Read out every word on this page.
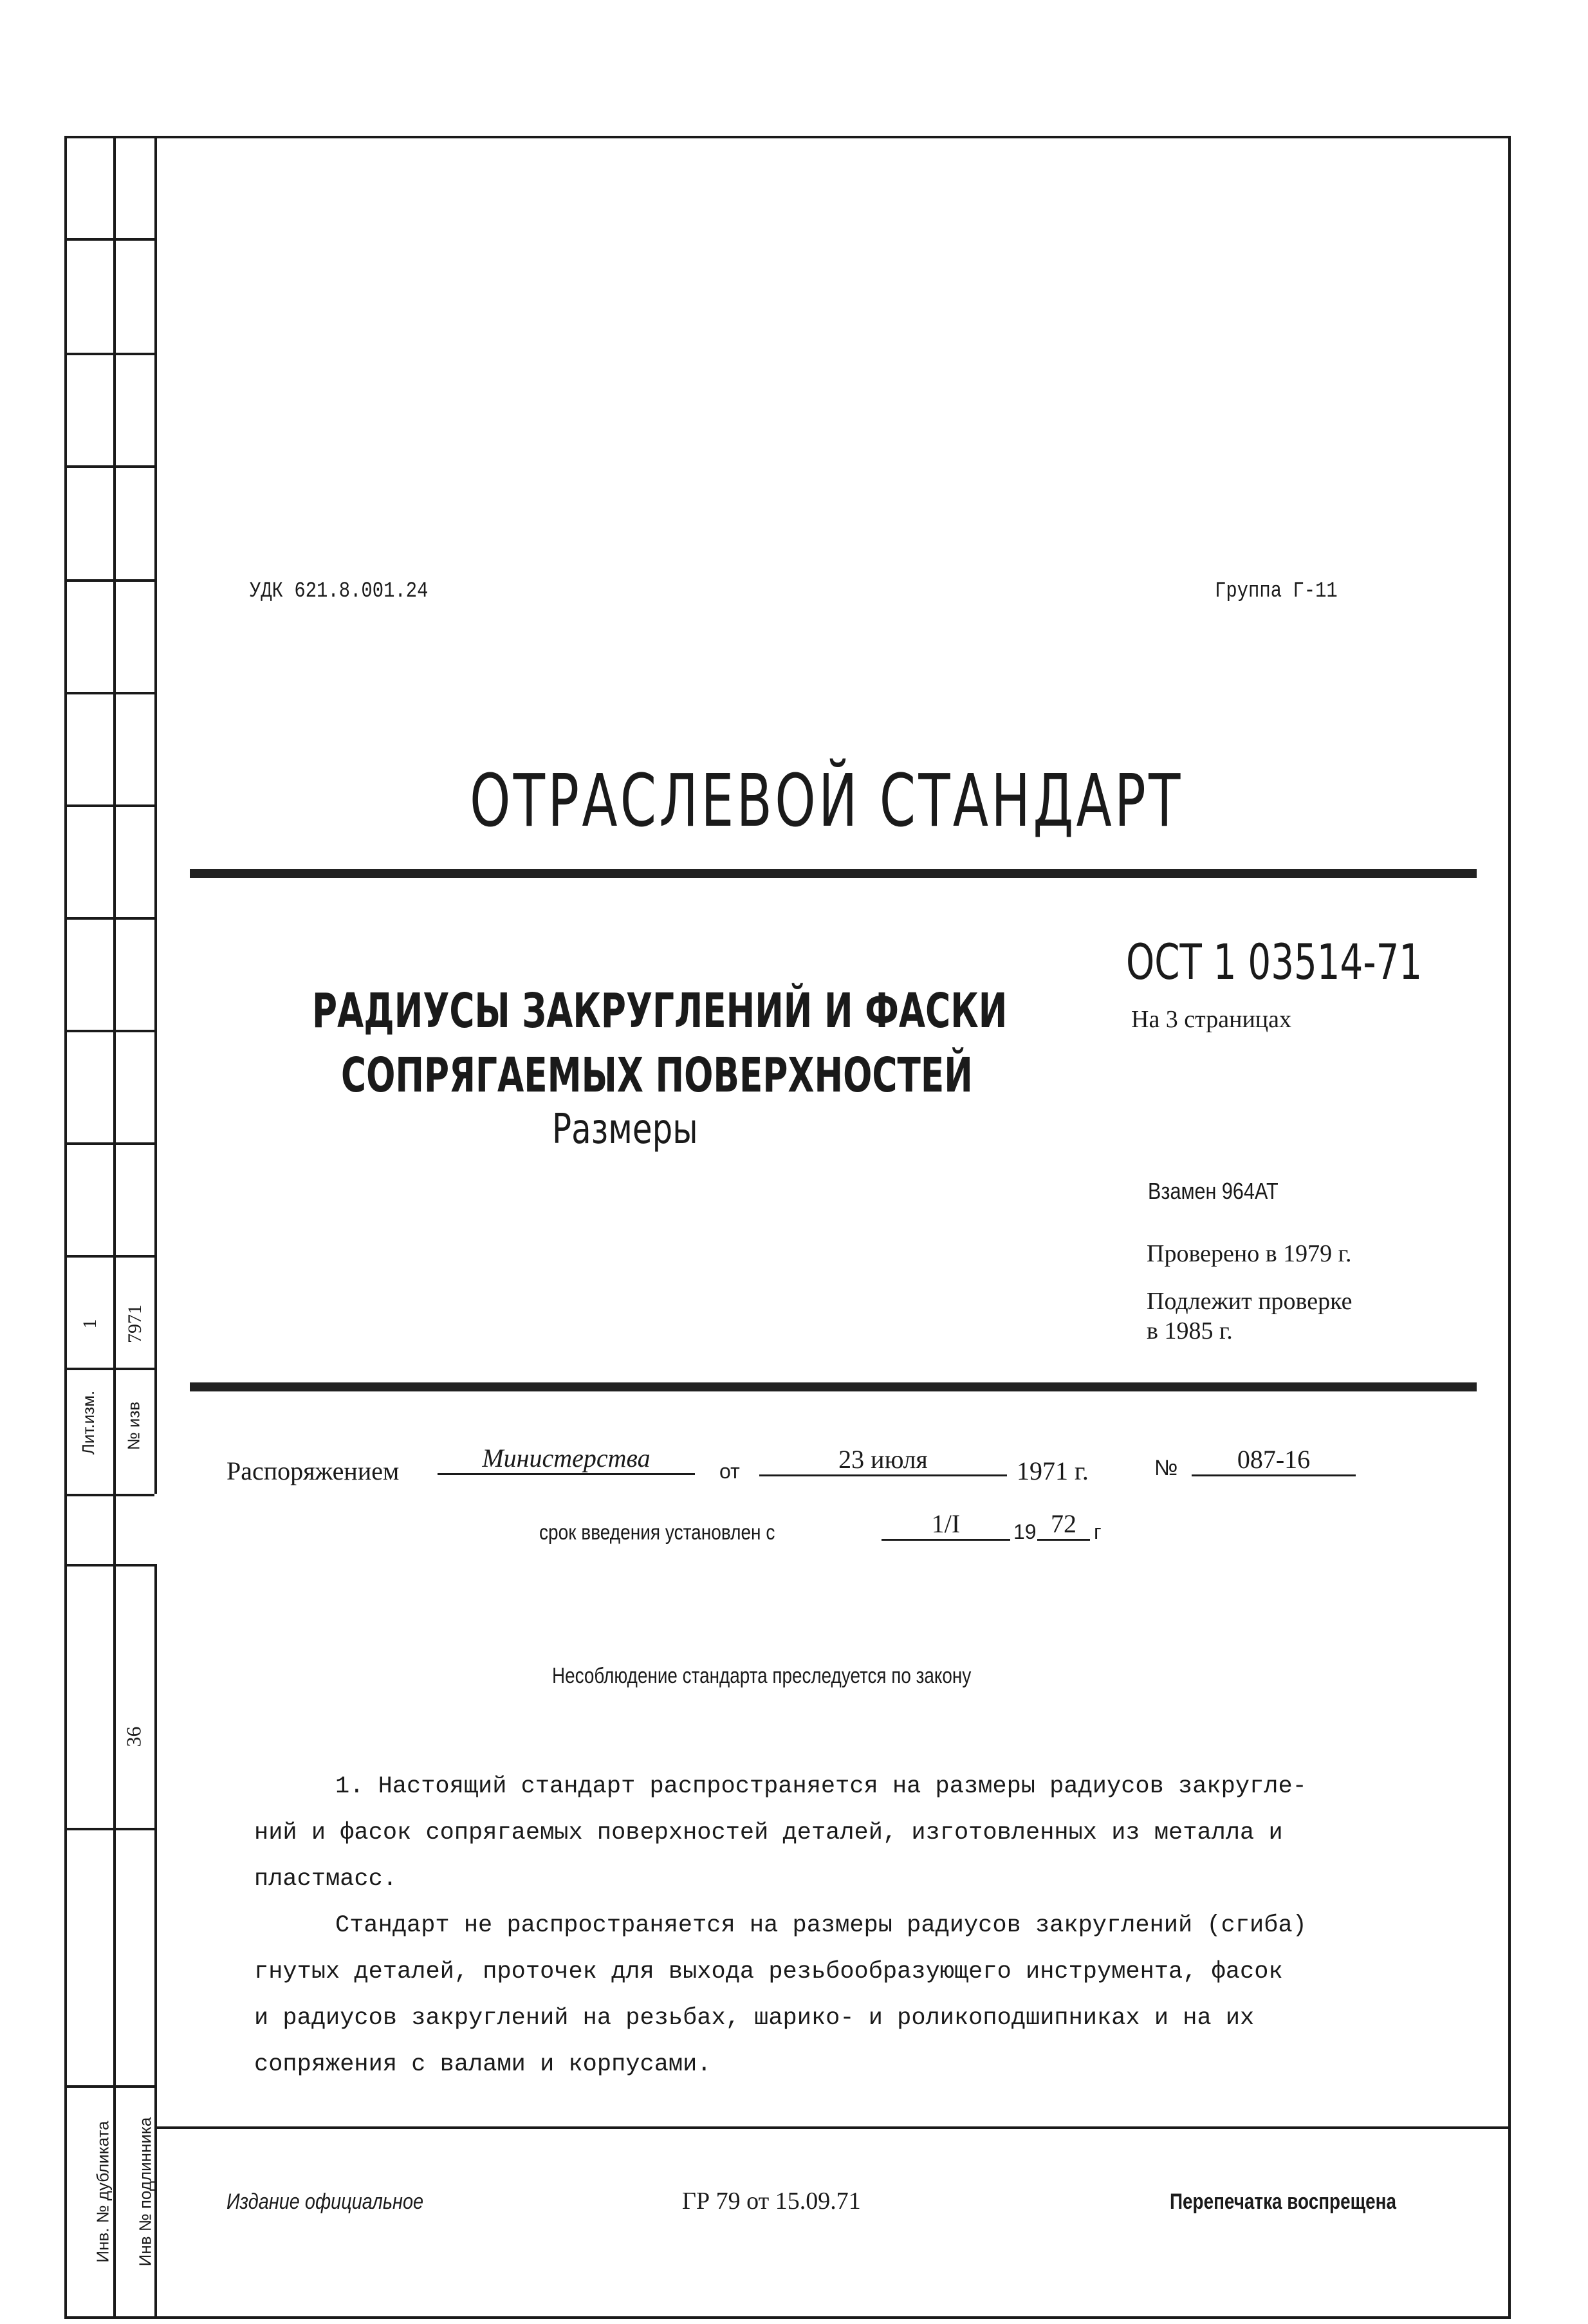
Лит.изм. № изв
1 7971
36
Инв. № дубликата Инв № подлинника
УДК 621.8.001.24	Группа Г-11
ОТРАСЛЕВОЙ СТАНДАРТ
РАДИУСЫ ЗАКРУГЛЕНИЙ И ФАСКИ
СОПРЯГАЕМЫХ ПОВЕРХНОСТЕЙ
Размеры
ОСТ 1 03514-71
На 3 страницах
Взамен 964АТ
Проверено в 1979 г.
Подлежит проверке
в 1985 г.
Распоряжением	Министерства	от	23 июля	1971 г.	№	087-16
срок введения установлен с	1/I	19 72 г
Несоблюдение стандарта преследуется по закону
1. Настоящий стандарт распространяется на размеры радиусов закругле-
ний и фасок сопрягаемых поверхностей деталей, изготовленных из металла и
пластмасс.
Стандарт не распространяется на размеры радиусов закруглений (сгиба)
гнутых деталей, проточек для выхода резьбообразующего инструмента, фасок
и радиусов закруглений на резьбах, шарико- и роликоподшипниках и на их
сопряжения с валами и корпусами.
Издание официальное	ГР 79 от 15.09.71	Перепечатка воспрещена
